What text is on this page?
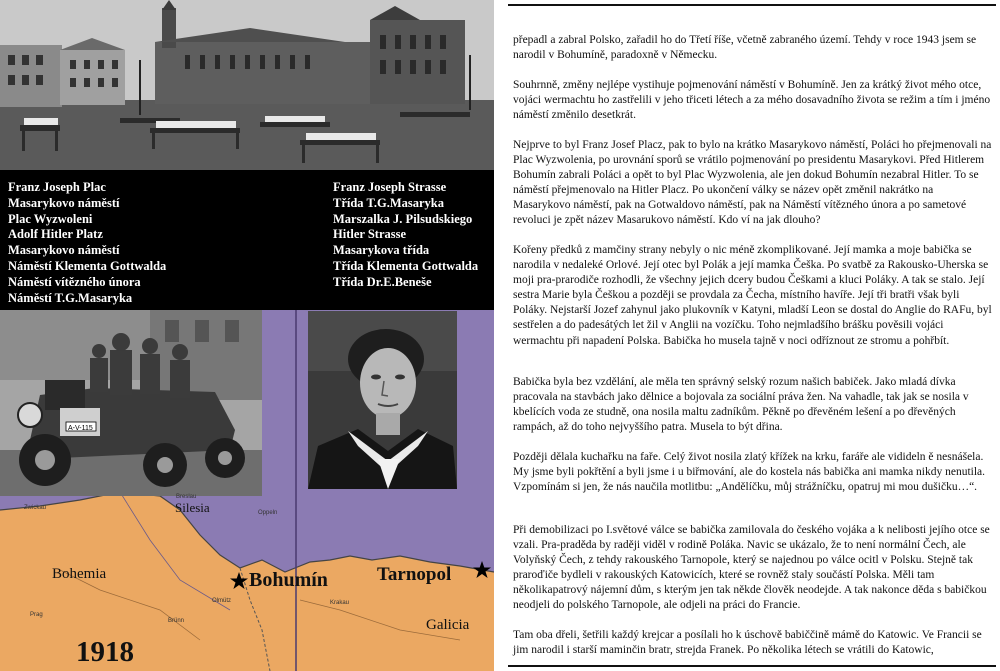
Franz Joseph Plac
Masarykovo náměstí
Plac Wyzwoleni
Adolf Hitler Platz
Masarykovo náměstí
Náměstí Klementa Gottwalda
Náměstí vítězného února
Náměstí T.G.Masaryka
Franz Joseph Strasse
Třída T.G.Masaryka
Marszalka J. Pilsudskiego
Hitler Strasse
Masarykova třída
Třída Klementa Gottwalda
Třída Dr.E.Beneše
A-V-115
Silesia
Bohemia	Bohumín	Tarnopol
Galicia
1918
Zwickau
Breslau
Oppeln
Krakau
Brünn
Olmütz
Prag

přepadl a zabral Polsko, zařadil ho do Třetí říše, včetně zabraného území. Tehdy v roce 1943 jsem se narodil v Bohumíně, paradoxně v Německu.

Souhrnně, změny nejlépe vystihuje pojmenování náměstí v Bohumíně. Jen za krátký život mého otce, vojáci wermachtu ho zastřelili v jeho třiceti létech a za mého dosavadního života se režim a tím i jméno náměstí změnilo desetkrát.

Nejprve to byl Franz Josef Placz, pak to bylo na krátko Masarykovo náměstí, Poláci ho přejmenovali na Plac Wyzwolenia, po urovnání sporů se vrátilo pojmenování po presidentu Masarykovi. Před Hitlerem Bohumín zabrali Poláci a opět to byl Plac Wyzwolenia, ale jen dokud Bohumín nezabral Hitler. To se náměstí přejmenovalo na Hitler Placz. Po ukončení války se název opět změnil nakrátko na Masarykovo náměstí, pak na Gotwaldovo náměstí, pak na Náměstí vítězného února a po sametové revoluci je zpět název Masarukovo náměstí. Kdo ví na jak dlouho?

Kořeny předků z mamčiny strany nebyly o nic méně zkomplikované. Její mamka a moje babička se narodila v nedaleké Orlové. Její otec byl Polák a její mamka Češka. Po svatbě za Rakousko-Uherska se moji pra-prarodiče rozhodli, že všechny jejich dcery budou Češkami a kluci Poláky. A tak se stalo. Její sestra Marie byla Češkou a později se provdala za Čecha, místního havíře. Její tři bratři však byli Poláky. Nejstarší Jozef zahynul jako plukovník v Katyni, mladší Leon se dostal do Anglie do RAFu, byl sestřelen a do padesátých let žil v Anglii na vozíčku. Toho nejmladšího brášku pověsili vojáci wermachtu při napadení Polska. Babička ho musela tajně v noci odříznout ze stromu a pohřbít.

Babička byla bez vzdělání, ale měla ten správný selský rozum našich babiček. Jako mladá dívka pracovala na stavbách jako dělnice a bojovala za sociální práva žen. Na vahadle, tak jak se nosila v kbelících voda ze studně, ona nosila maltu zadníkům. Pěkně po dřevěném lešení a po dřevěných rampách, až do toho nejvyššího patra. Musela to být dřina.

Později dělala kuchařku na faře. Celý život nosila zlatý křížek na krku, faráře ale vidideln ě nesnášela. My jsme byli pokřtění a byli jsme i u biřmování, ale do kostela nás babička ani mamka nikdy nenutila. Vzpomínám si jen, že nás naučila motlitbu: „Andělíčku, můj strážníčku, opatruj mi mou dušičku…“.

Při demobilizaci po I.světové válce se babička zamilovala do českého vojáka a k nelibosti jejího otce se vzali. Pra-praděda by raději viděl v rodině Poláka. Navic se ukázalo, že to není normální Čech, ale Volyňský Čech, z tehdy rakouského Tarnopole, který se najednou po válce ocitl v Polsku. Stejně tak praroďiče bydleli v rakouských Katowicích, které se rovněž staly součástí Polska. Měli tam několikapatrový nájemní dům, s kterým jen tak někde člověk neodejde. A tak nakonce děda s babičkou neodjeli do polského Tarnopole, ale odjeli na práci do Francie.

Tam oba dřeli, šetřili každý krejcar a posílali ho k úschově babiččině mámě do Katowic. Ve Francii se jim narodil i starší maminčin bratr, strejda Franek. Po několika létech se vrátili do Katowic,
